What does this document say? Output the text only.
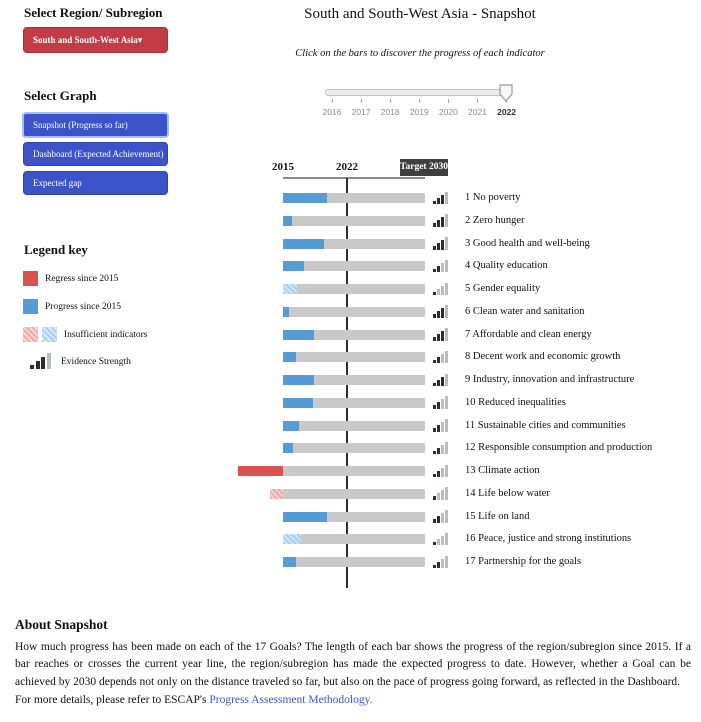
Select Region/ Subregion
South and South-West Asia ▾
Select Graph
Snapshot (Progress so far)
Dashboard (Expected Achievement)
Expected gap
Legend key
Regress since 2015
Progress since 2015
Insufficient indicators
Evidence Strength
South and South-West Asia - Snapshot
Click on the bars to discover the progress of each indicator
2016	2017	2018	2019	2020	2021	2022
2015	2022	Target 2030
1 No poverty
2 Zero hunger
3 Good health and well-being
4 Quality education
5 Gender equality
6 Clean water and sanitation
7 Affordable and clean energy
8 Decent work and economic growth
9 Industry, innovation and infrastructure
10 Reduced inequalities
11 Sustainable cities and communities
12 Responsible consumption and production
13 Climate action
14 Life below water
15 Life on land
16 Peace, justice and strong institutions
17 Partnership for the goals
About Snapshot
How much progress has been made on each of the 17 Goals? The length of each bar shows the progress of the region/subregion since 2015. If a bar reaches or crosses the current year line, the region/subregion has made the expected progress to date. However, whether a Goal can be achieved by 2030 depends not only on the distance traveled so far, but also on the pace of progress going forward, as reflected in the Dashboard.
For more details, please refer to ESCAP's Progress Assessment Methodology.
